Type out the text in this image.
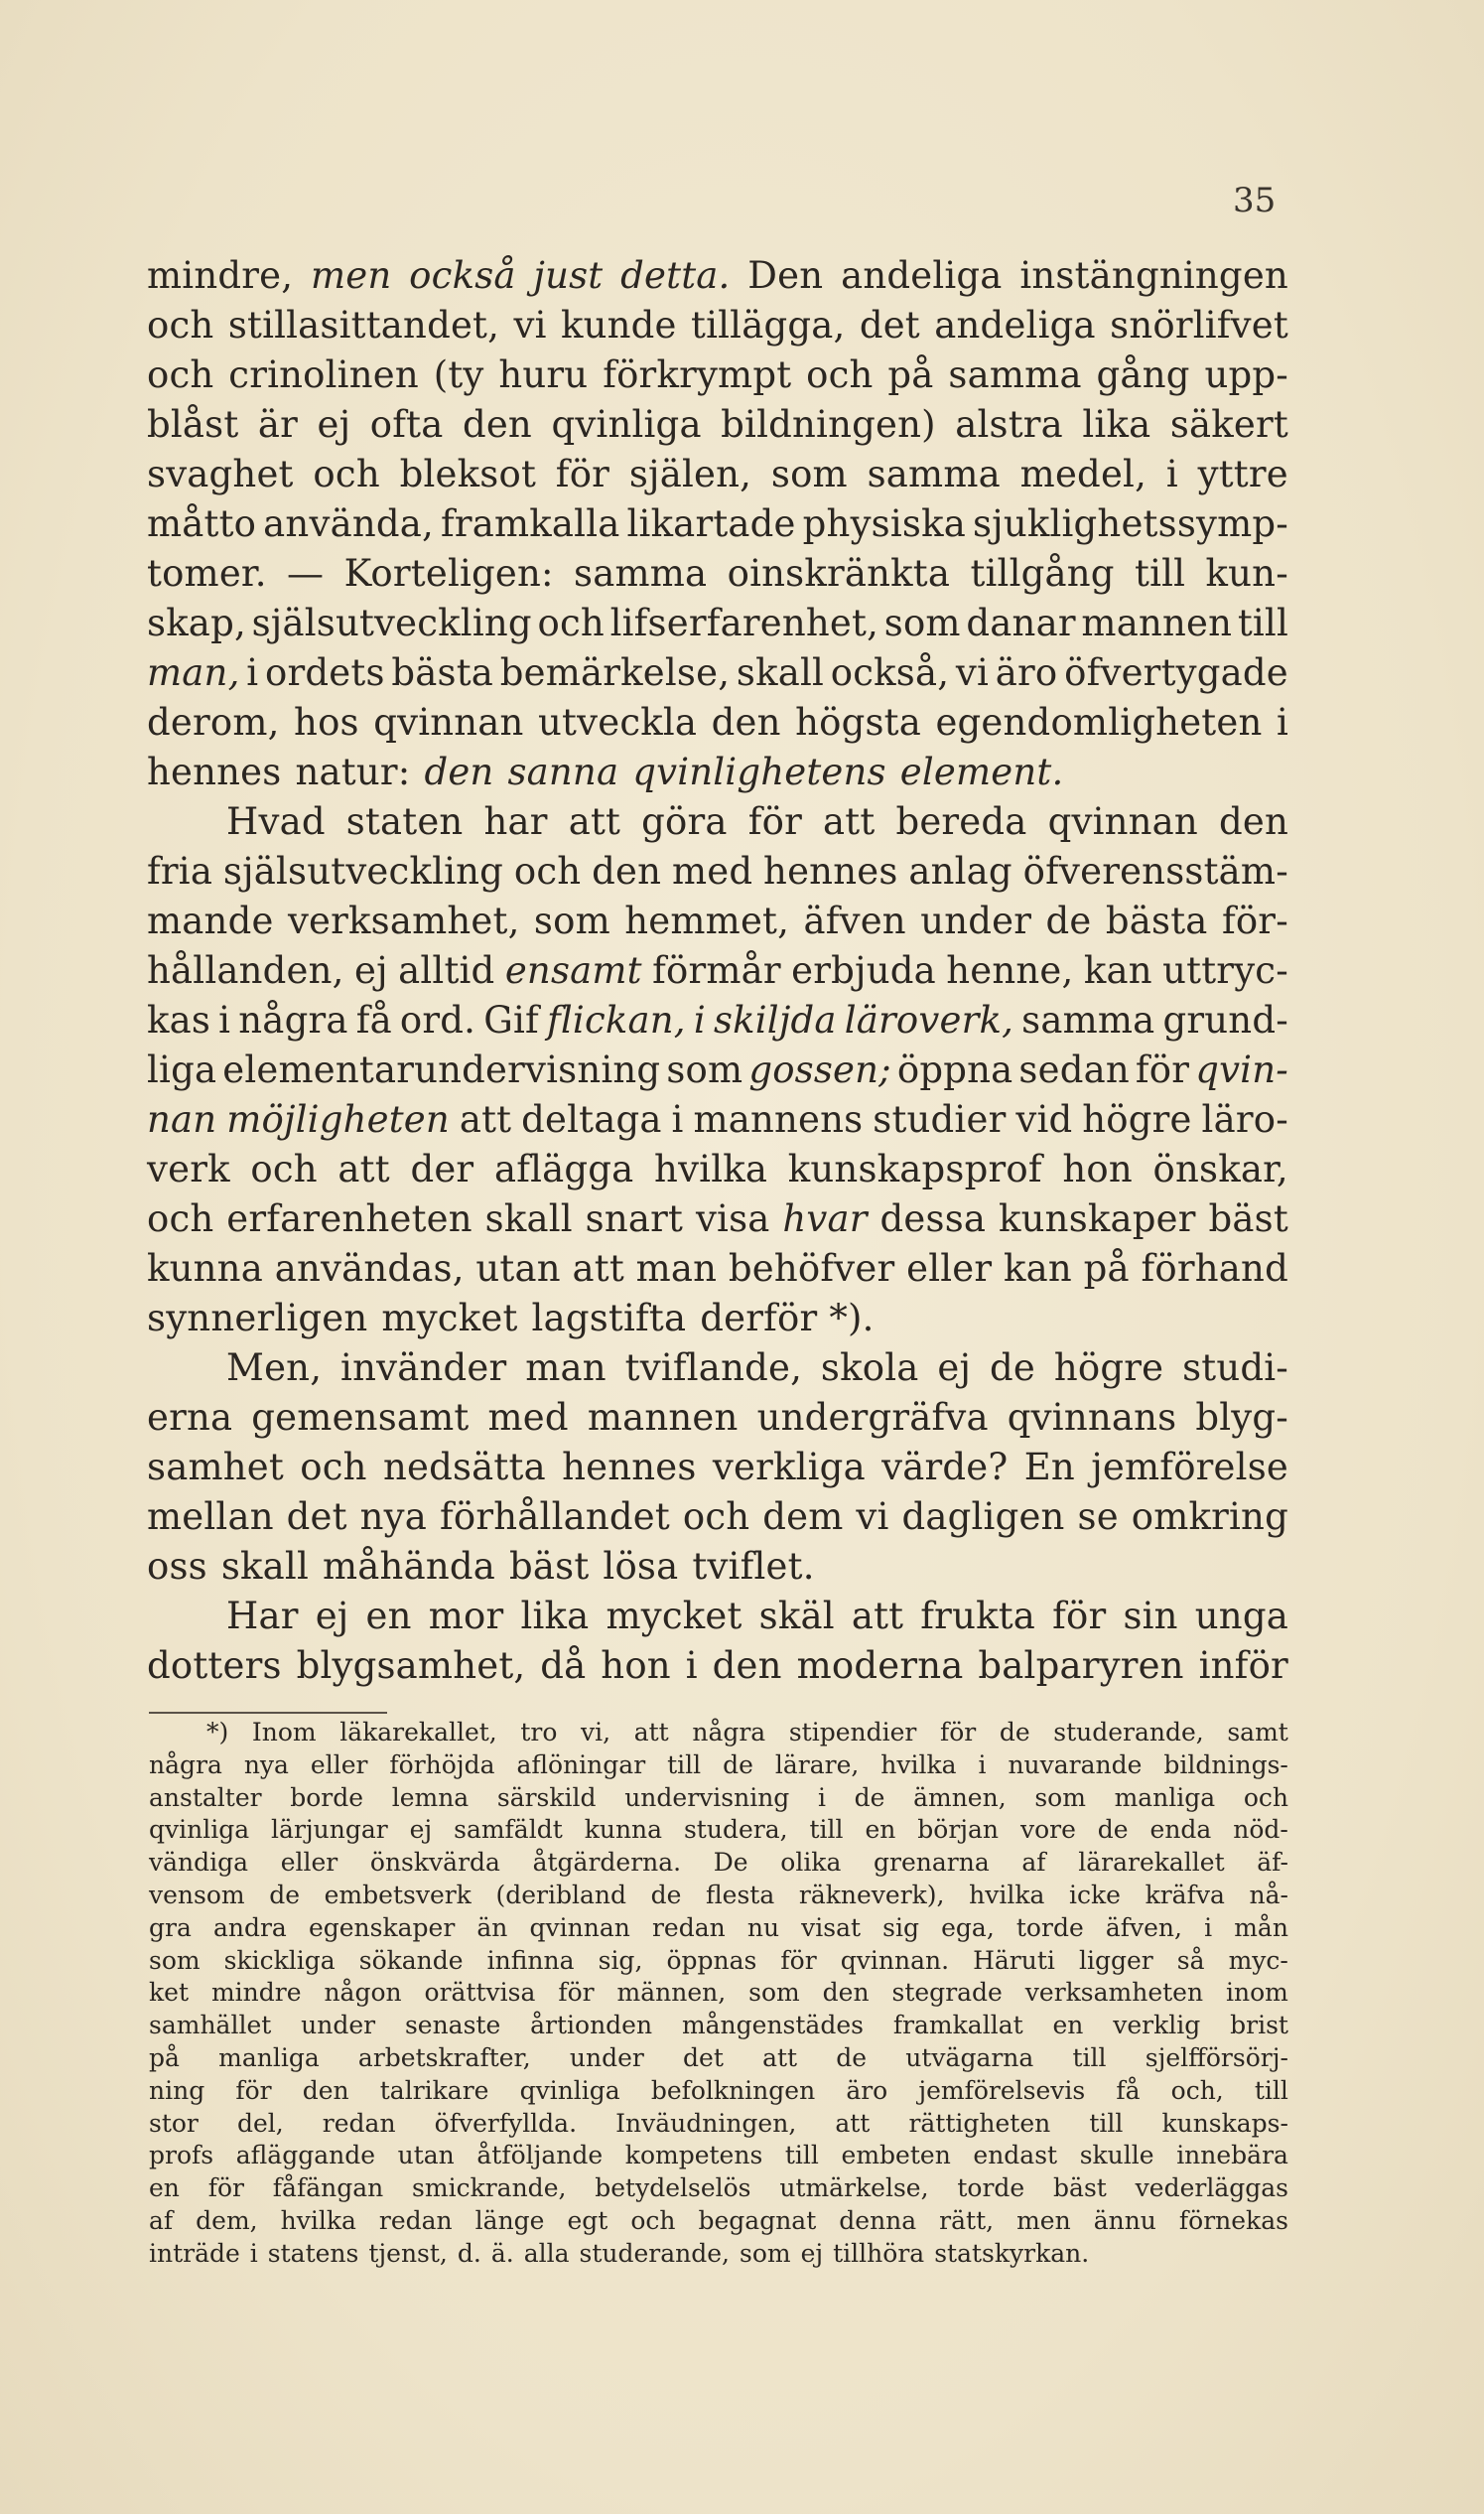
35
mindre, men också just detta. Den andeliga instängningen
och stillasittandet, vi kunde tillägga, det andeliga snörlifvet
och crinolinen (ty huru förkrympt och på samma gång upp-
blåst är ej ofta den qvinliga bildningen) alstra lika säkert
svaghet och bleksot för själen, som samma medel, i yttre
måtto använda, framkalla likartade physiska sjuklighetssymp-
tomer. — Korteligen: samma oinskränkta tillgång till kun-
skap, själsutveckling och lifserfarenhet, som danar mannen till
man, i ordets bästa bemärkelse, skall också, vi äro öfvertygade
derom, hos qvinnan utveckla den högsta egendomligheten i
hennes natur: den sanna qvinlighetens element.
Hvad staten har att göra för att bereda qvinnan den
fria själsutveckling och den med hennes anlag öfverensstäm-
mande verksamhet, som hemmet, äfven under de bästa för-
hållanden, ej alltid ensamt förmår erbjuda henne, kan uttryc-
kas i några få ord. Gif flickan, i skiljda läroverk, samma grund-
liga elementarundervisning som gossen; öppna sedan för qvin-
nan möjligheten att deltaga i mannens studier vid högre läro-
verk och att der aflägga hvilka kunskapsprof hon önskar,
och erfarenheten skall snart visa hvar dessa kunskaper bäst
kunna användas, utan att man behöfver eller kan på förhand
synnerligen mycket lagstifta derför *).
Men, invänder man tviflande, skola ej de högre studi-
erna gemensamt med mannen undergräfva qvinnans blyg-
samhet och nedsätta hennes verkliga värde? En jemförelse
mellan det nya förhållandet och dem vi dagligen se omkring
oss skall måhända bäst lösa tviflet.
Har ej en mor lika mycket skäl att frukta för sin unga
dotters blygsamhet, då hon i den moderna balparyren inför
*) Inom läkarekallet, tro vi, att några stipendier för de studerande, samt
några nya eller förhöjda aflöningar till de lärare, hvilka i nuvarande bildnings-
anstalter borde lemna särskild undervisning i de ämnen, som manliga och
qvinliga lärjungar ej samfäldt kunna studera, till en början vore de enda nöd-
vändiga eller önskvärda åtgärderna. De olika grenarna af lärarekallet äf-
vensom de embetsverk (deribland de flesta räkneverk), hvilka icke kräfva nå-
gra andra egenskaper än qvinnan redan nu visat sig ega, torde äfven, i mån
som skickliga sökande infinna sig, öppnas för qvinnan. Häruti ligger så myc-
ket mindre någon orättvisa för männen, som den stegrade verksamheten inom
samhället under senaste årtionden mångenstädes framkallat en verklig brist
på manliga arbetskrafter, under det att de utvägarna till sjelfförsörj-
ning för den talrikare qvinliga befolkningen äro jemförelsevis få och, till
stor del, redan öfverfyllda. Inväudningen, att rättigheten till kunskaps-
profs afläggande utan åtföljande kompetens till embeten endast skulle innebära
en för fåfängan smickrande, betydelselös utmärkelse, torde bäst vederläggas
af dem, hvilka redan länge egt och begagnat denna rätt, men ännu förnekas
inträde i statens tjenst, d. ä. alla studerande, som ej tillhöra statskyrkan.
